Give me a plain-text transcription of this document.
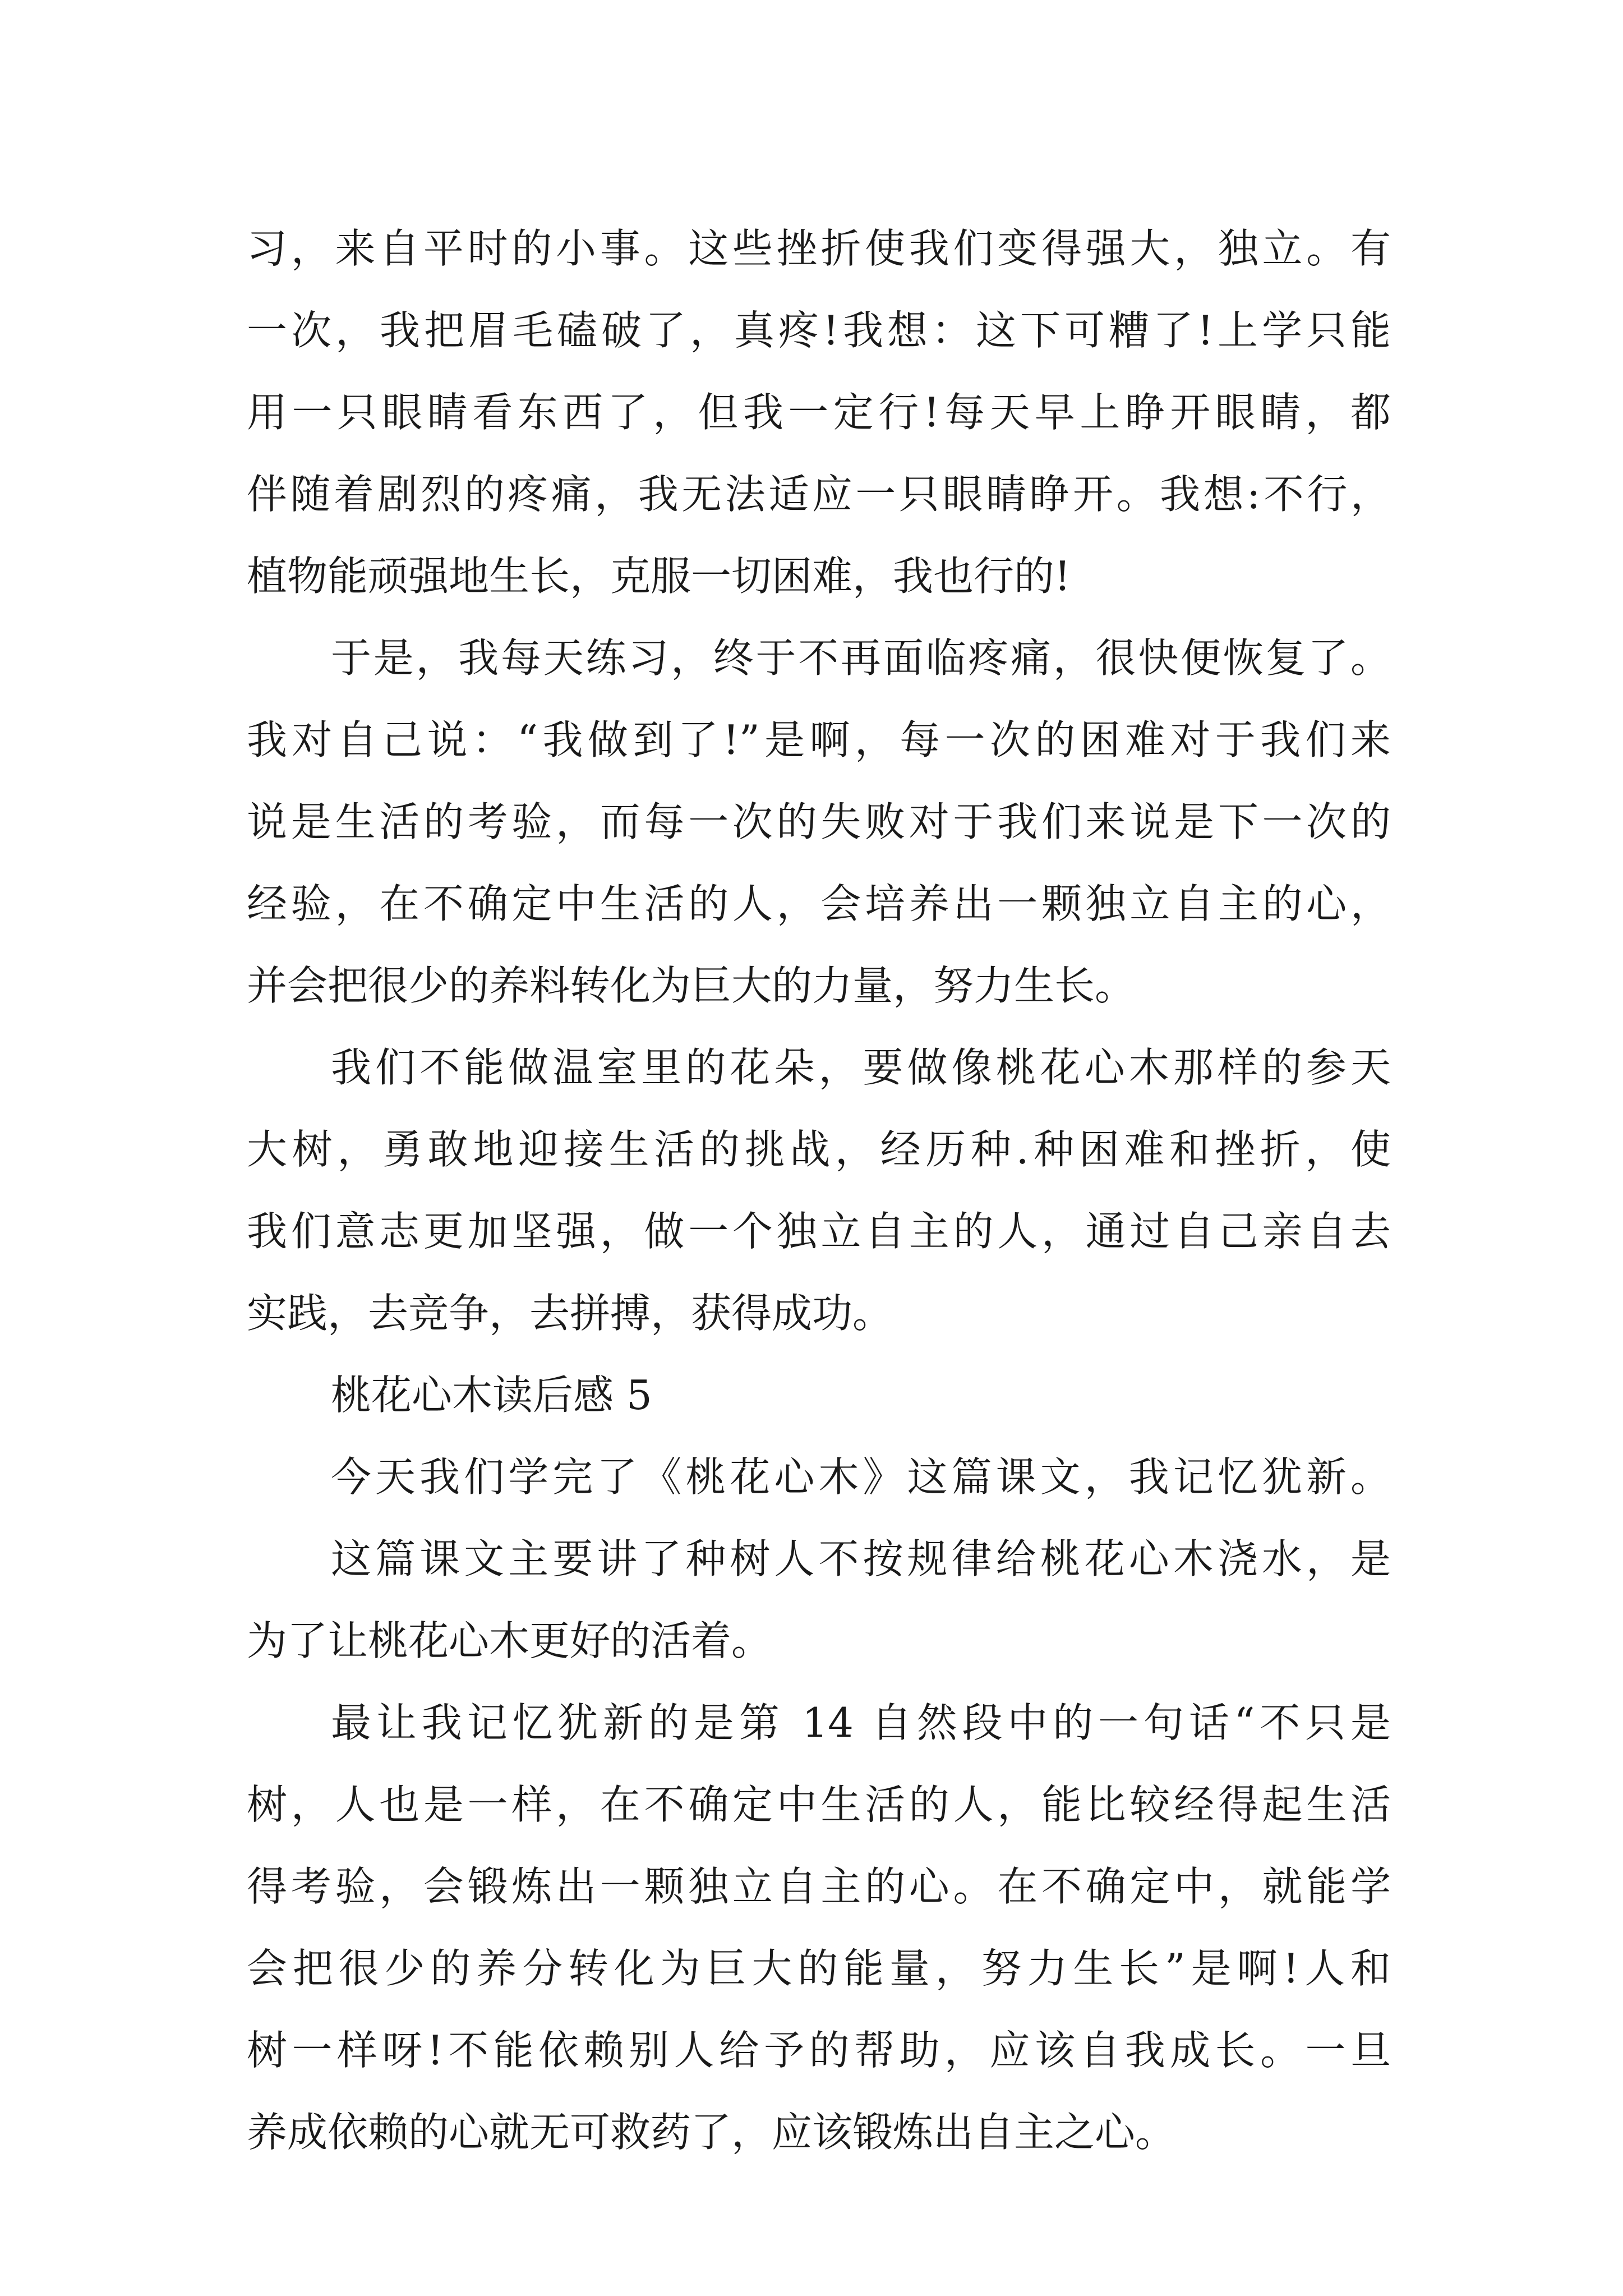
习，来自平时的小事。这些挫折使我们变得强大，独立。有
一次，我把眉毛磕破了，真疼!我想：这下可糟了!上学只能
用一只眼睛看东西了，但我一定行!每天早上睁开眼睛，都
伴随着剧烈的疼痛，我无法适应一只眼睛睁开。我想:不行，
植物能顽强地生长，克服一切困难，我也行的!
于是，我每天练习，终于不再面临疼痛，很快便恢复了。
我对自己说：“我做到了!”是啊，每一次的困难对于我们来
说是生活的考验，而每一次的失败对于我们来说是下一次的
经验，在不确定中生活的人，会培养出一颗独立自主的心，
并会把很少的养料转化为巨大的力量，努力生长。
我们不能做温室里的花朵，要做像桃花心木那样的参天
大树，勇敢地迎接生活的挑战，经历种.种困难和挫折，使
我们意志更加坚强，做一个独立自主的人，通过自己亲自去
实践，去竞争，去拼搏，获得成功。
桃花心木读后感 5
今天我们学完了《桃花心木》这篇课文，我记忆犹新。
这篇课文主要讲了种树人不按规律给桃花心木浇水，是
为了让桃花心木更好的活着。
最让我记忆犹新的是第 14 自然段中的一句话“不只是
树，人也是一样，在不确定中生活的人，能比较经得起生活
得考验，会锻炼出一颗独立自主的心。在不确定中，就能学
会把很少的养分转化为巨大的能量，努力生长”是啊!人和
树一样呀!不能依赖别人给予的帮助，应该自我成长。一旦
养成依赖的心就无可救药了，应该锻炼出自主之心。
